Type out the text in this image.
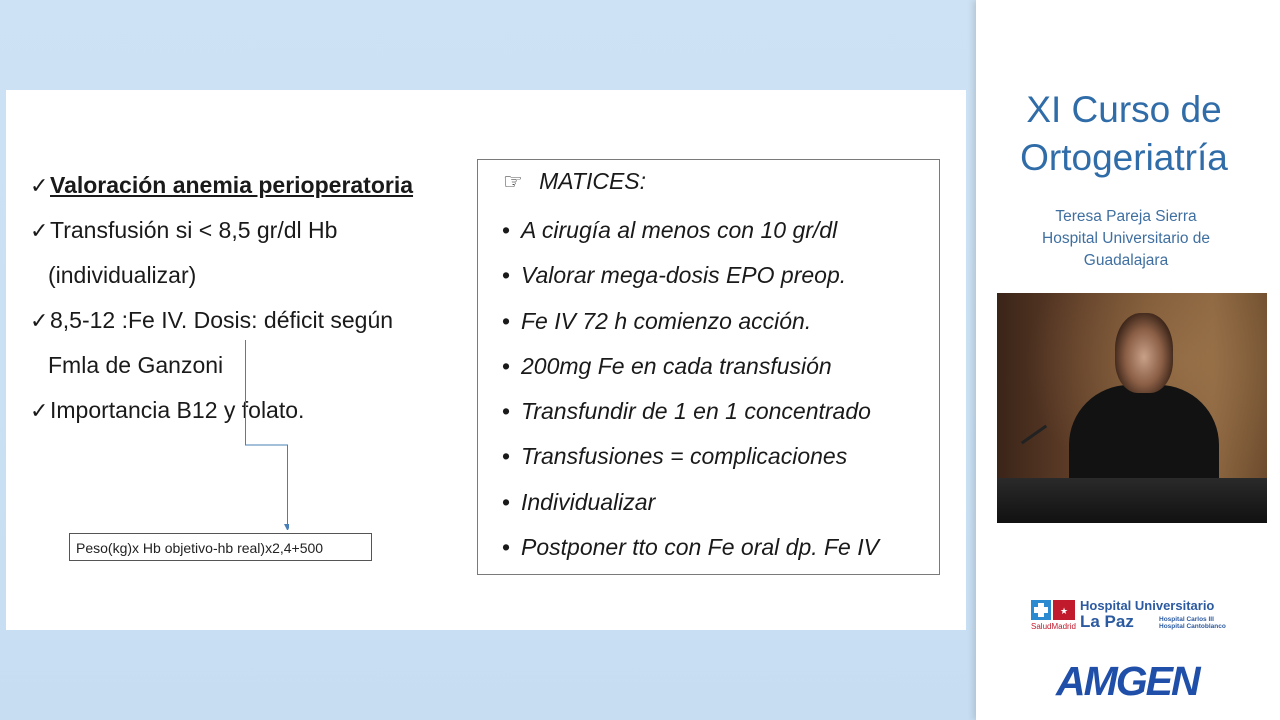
✓ Valoración anemia perioperatoria
✓ Transfusión si < 8,5 gr/dl Hb
(individualizar)
✓ 8,5-12 :Fe IV. Dosis: déficit según
Fmla de Ganzoni
✓ Importancia B12 y folato.
Peso(kg)x Hb objetivo-hb real)x2,4+500
☞ MATICES:
• A cirugía al menos con 10 gr/dl
• Valorar mega-dosis EPO preop.
• Fe IV 72 h comienzo acción.
• 200mg Fe en cada transfusión
• Transfundir de 1 en 1 concentrado
• Transfusiones = complicaciones
• Individualizar
• Postponer tto con Fe oral dp. Fe IV
XI Curso de
Ortogeriatría
Teresa Pareja Sierra
Hospital Universitario de
Guadalajara
★
SaludMadrid
Hospital Universitario
La Paz	Hospital Carlos III
Hospital Cantoblanco
AMGEN
